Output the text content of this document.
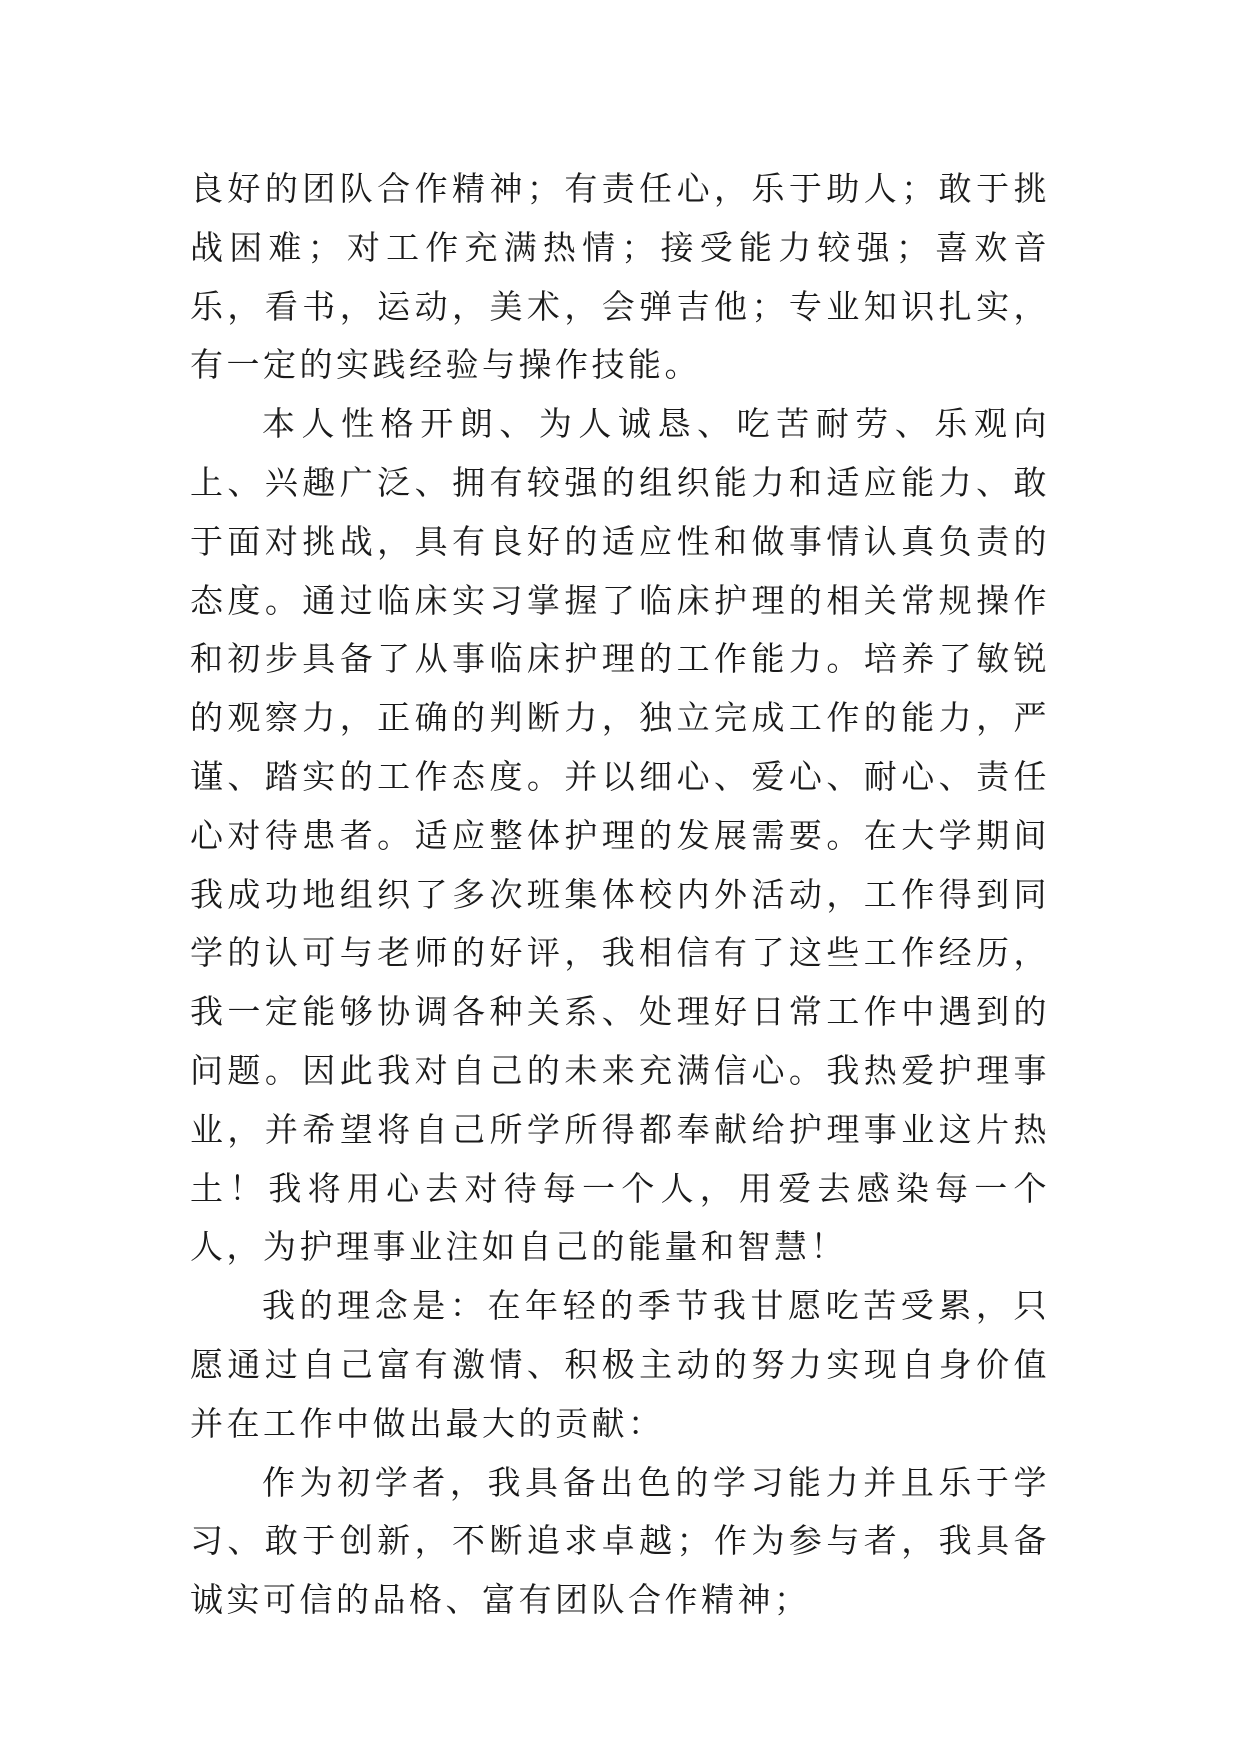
良好的团队合作精神；有责任心，乐于助人；敢于挑战困难；对工作充满热情；接受能力较强；喜欢音乐，看书，运动，美术，会弹吉他；专业知识扎实，有一定的实践经验与操作技能。

本人性格开朗、为人诚恳、吃苦耐劳、乐观向上、兴趣广泛、拥有较强的组织能力和适应能力、敢于面对挑战，具有良好的适应性和做事情认真负责的态度。通过临床实习掌握了临床护理的相关常规操作和初步具备了从事临床护理的工作能力。培养了敏锐的观察力，正确的判断力，独立完成工作的能力，严谨、踏实的工作态度。并以细心、爱心、耐心、责任心对待患者。适应整体护理的发展需要。在大学期间我成功地组织了多次班集体校内外活动，工作得到同学的认可与老师的好评，我相信有了这些工作经历，我一定能够协调各种关系、处理好日常工作中遇到的问题。因此我对自己的未来充满信心。我热爱护理事业，并希望将自己所学所得都奉献给护理事业这片热土！我将用心去对待每一个人，用爱去感染每一个人，为护理事业注如自己的能量和智慧！

我的理念是：在年轻的季节我甘愿吃苦受累，只愿通过自己富有激情、积极主动的努力实现自身价值并在工作中做出最大的贡献：

作为初学者，我具备出色的学习能力并且乐于学习、敢于创新，不断追求卓越；作为参与者，我具备诚实可信的品格、富有团队合作精神；
